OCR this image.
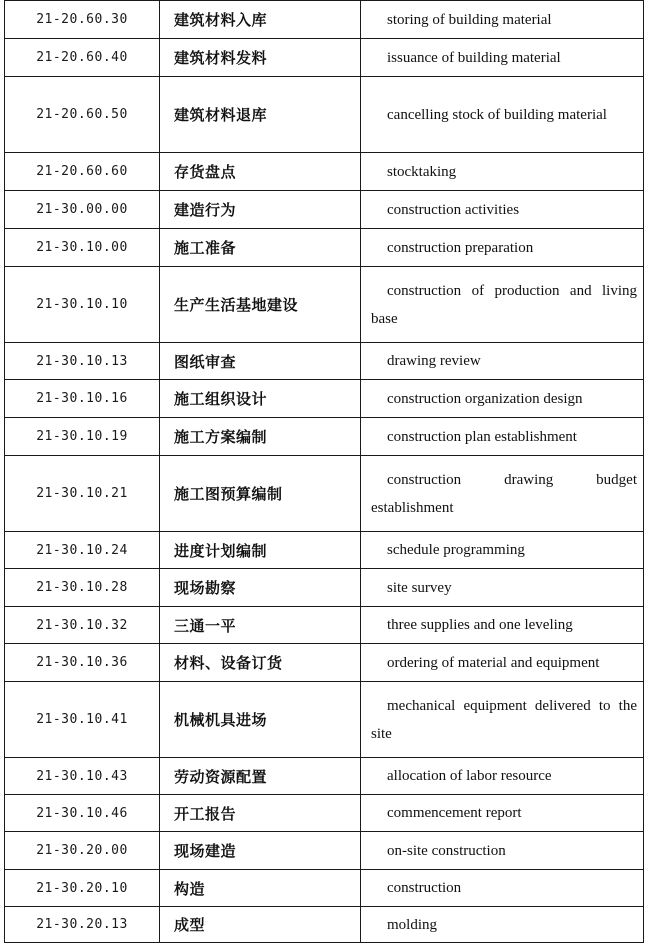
21-20.60.30	建筑材料入库	storing of building material
21-20.60.40	建筑材料发料	issuance of building material
21-20.60.50	建筑材料退库	cancelling stock of building material
21-20.60.60	存货盘点	stocktaking
21-30.00.00	建造行为	construction activities
21-30.10.00	施工准备	construction preparation
21-30.10.10	生产生活基地建设	construction of production and living base
21-30.10.13	图纸审查	drawing review
21-30.10.16	施工组织设计	construction organization design
21-30.10.19	施工方案编制	construction plan establishment
21-30.10.21	施工图预算编制	construction drawing budget establishment
21-30.10.24	进度计划编制	schedule programming
21-30.10.28	现场勘察	site survey
21-30.10.32	三通一平	three supplies and one leveling
21-30.10.36	材料、设备订货	ordering of material and equipment
21-30.10.41	机械机具进场	mechanical equipment delivered to the site
21-30.10.43	劳动资源配置	allocation of labor resource
21-30.10.46	开工报告	commencement report
21-30.20.00	现场建造	on-site construction
21-30.20.10	构造	construction
21-30.20.13	成型	molding
